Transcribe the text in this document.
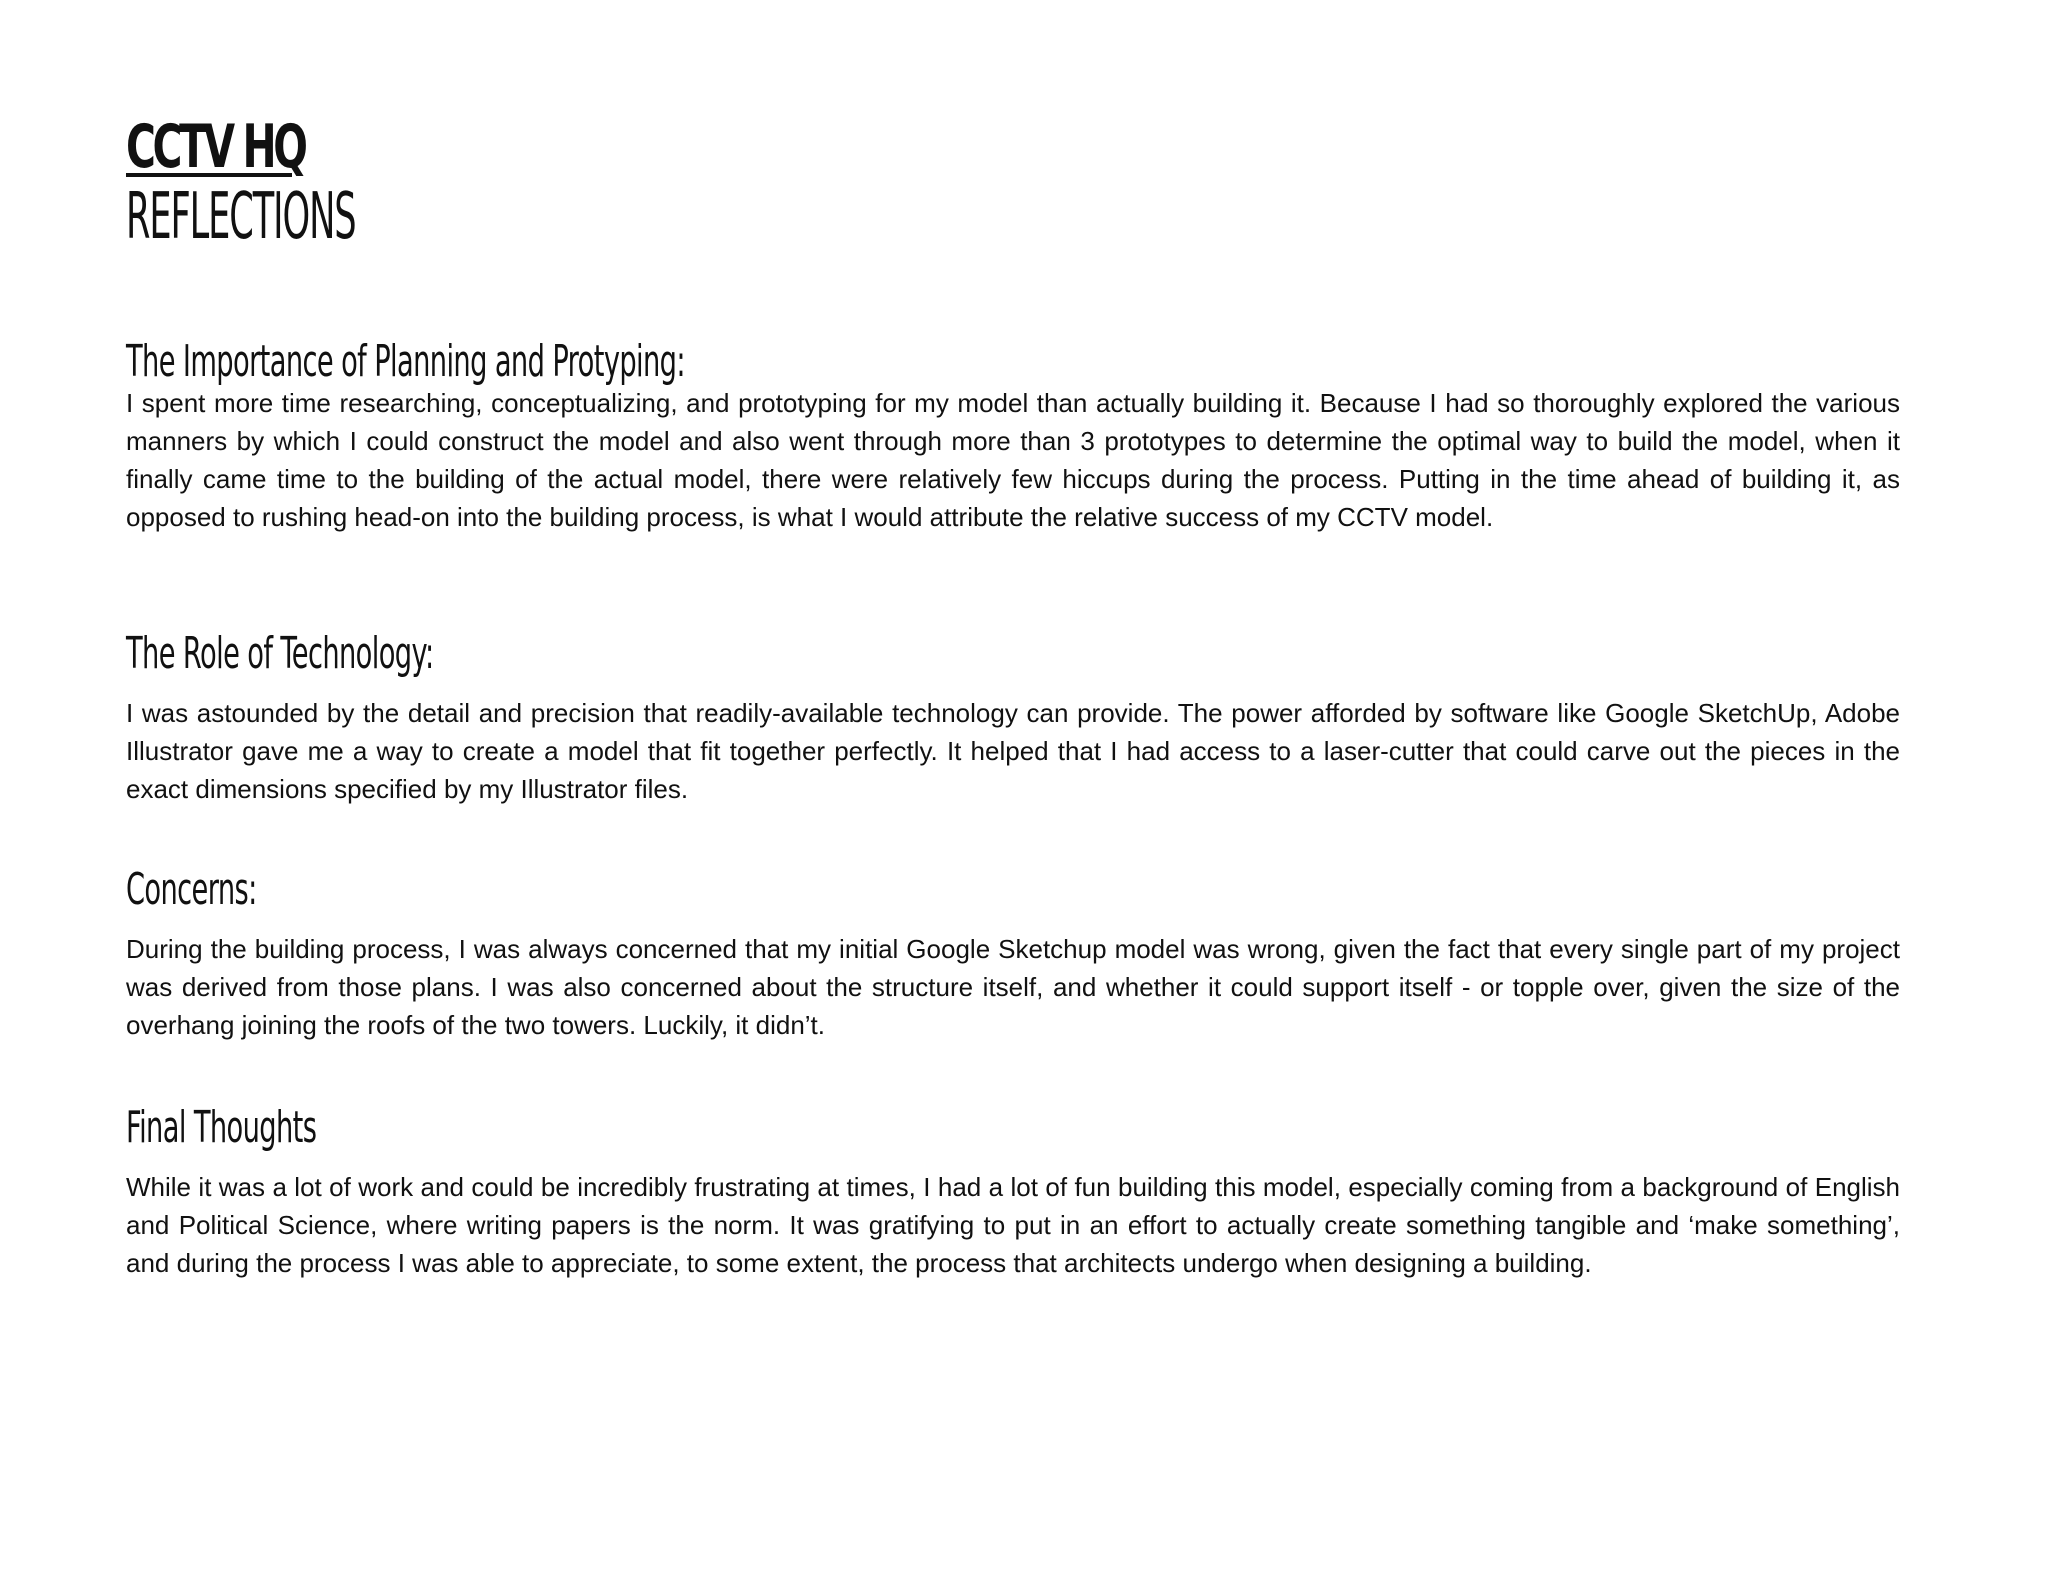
CCTV HQ
REFLECTIONS
The Importance of Planning and Protyping:

I spent more time researching, conceptualizing, and prototyping for my model than actually building it. Because I had so thoroughly explored the various manners by which I could construct the model and also went through more than 3 prototypes to determine the optimal way to build the model, when it finally came time to the building of the actual model, there were relatively few hiccups during the process. Putting in the time ahead of building it, as opposed to rushing head-on into the building process, is what I would attribute the relative success of my CCTV model.

The Role of Technology:

I was astounded by the detail and precision that readily-available technology can provide. The power afforded by software like Google SketchUp, Adobe Illustrator gave me a way to create a model that fit together perfectly. It helped that I had access to a laser-cutter that could carve out the pieces in the exact dimensions specified by my Illustrator files.

Concerns:

During the building process, I was always concerned that my initial Google Sketchup model was wrong, given the fact that every single part of my project was derived from those plans. I was also concerned about the structure itself, and whether it could support itself - or topple over, given the size of the overhang joining the roofs of the two towers. Luckily, it didn’t.

Final Thoughts

While it was a lot of work and could be incredibly frustrating at times, I had a lot of fun building this model, especially coming from a background of English and Political Science, where writing papers is the norm. It was gratifying to put in an effort to actually create something tangible and ‘make something’, and during the process I was able to appreciate, to some extent, the process that architects undergo when designing a building.
